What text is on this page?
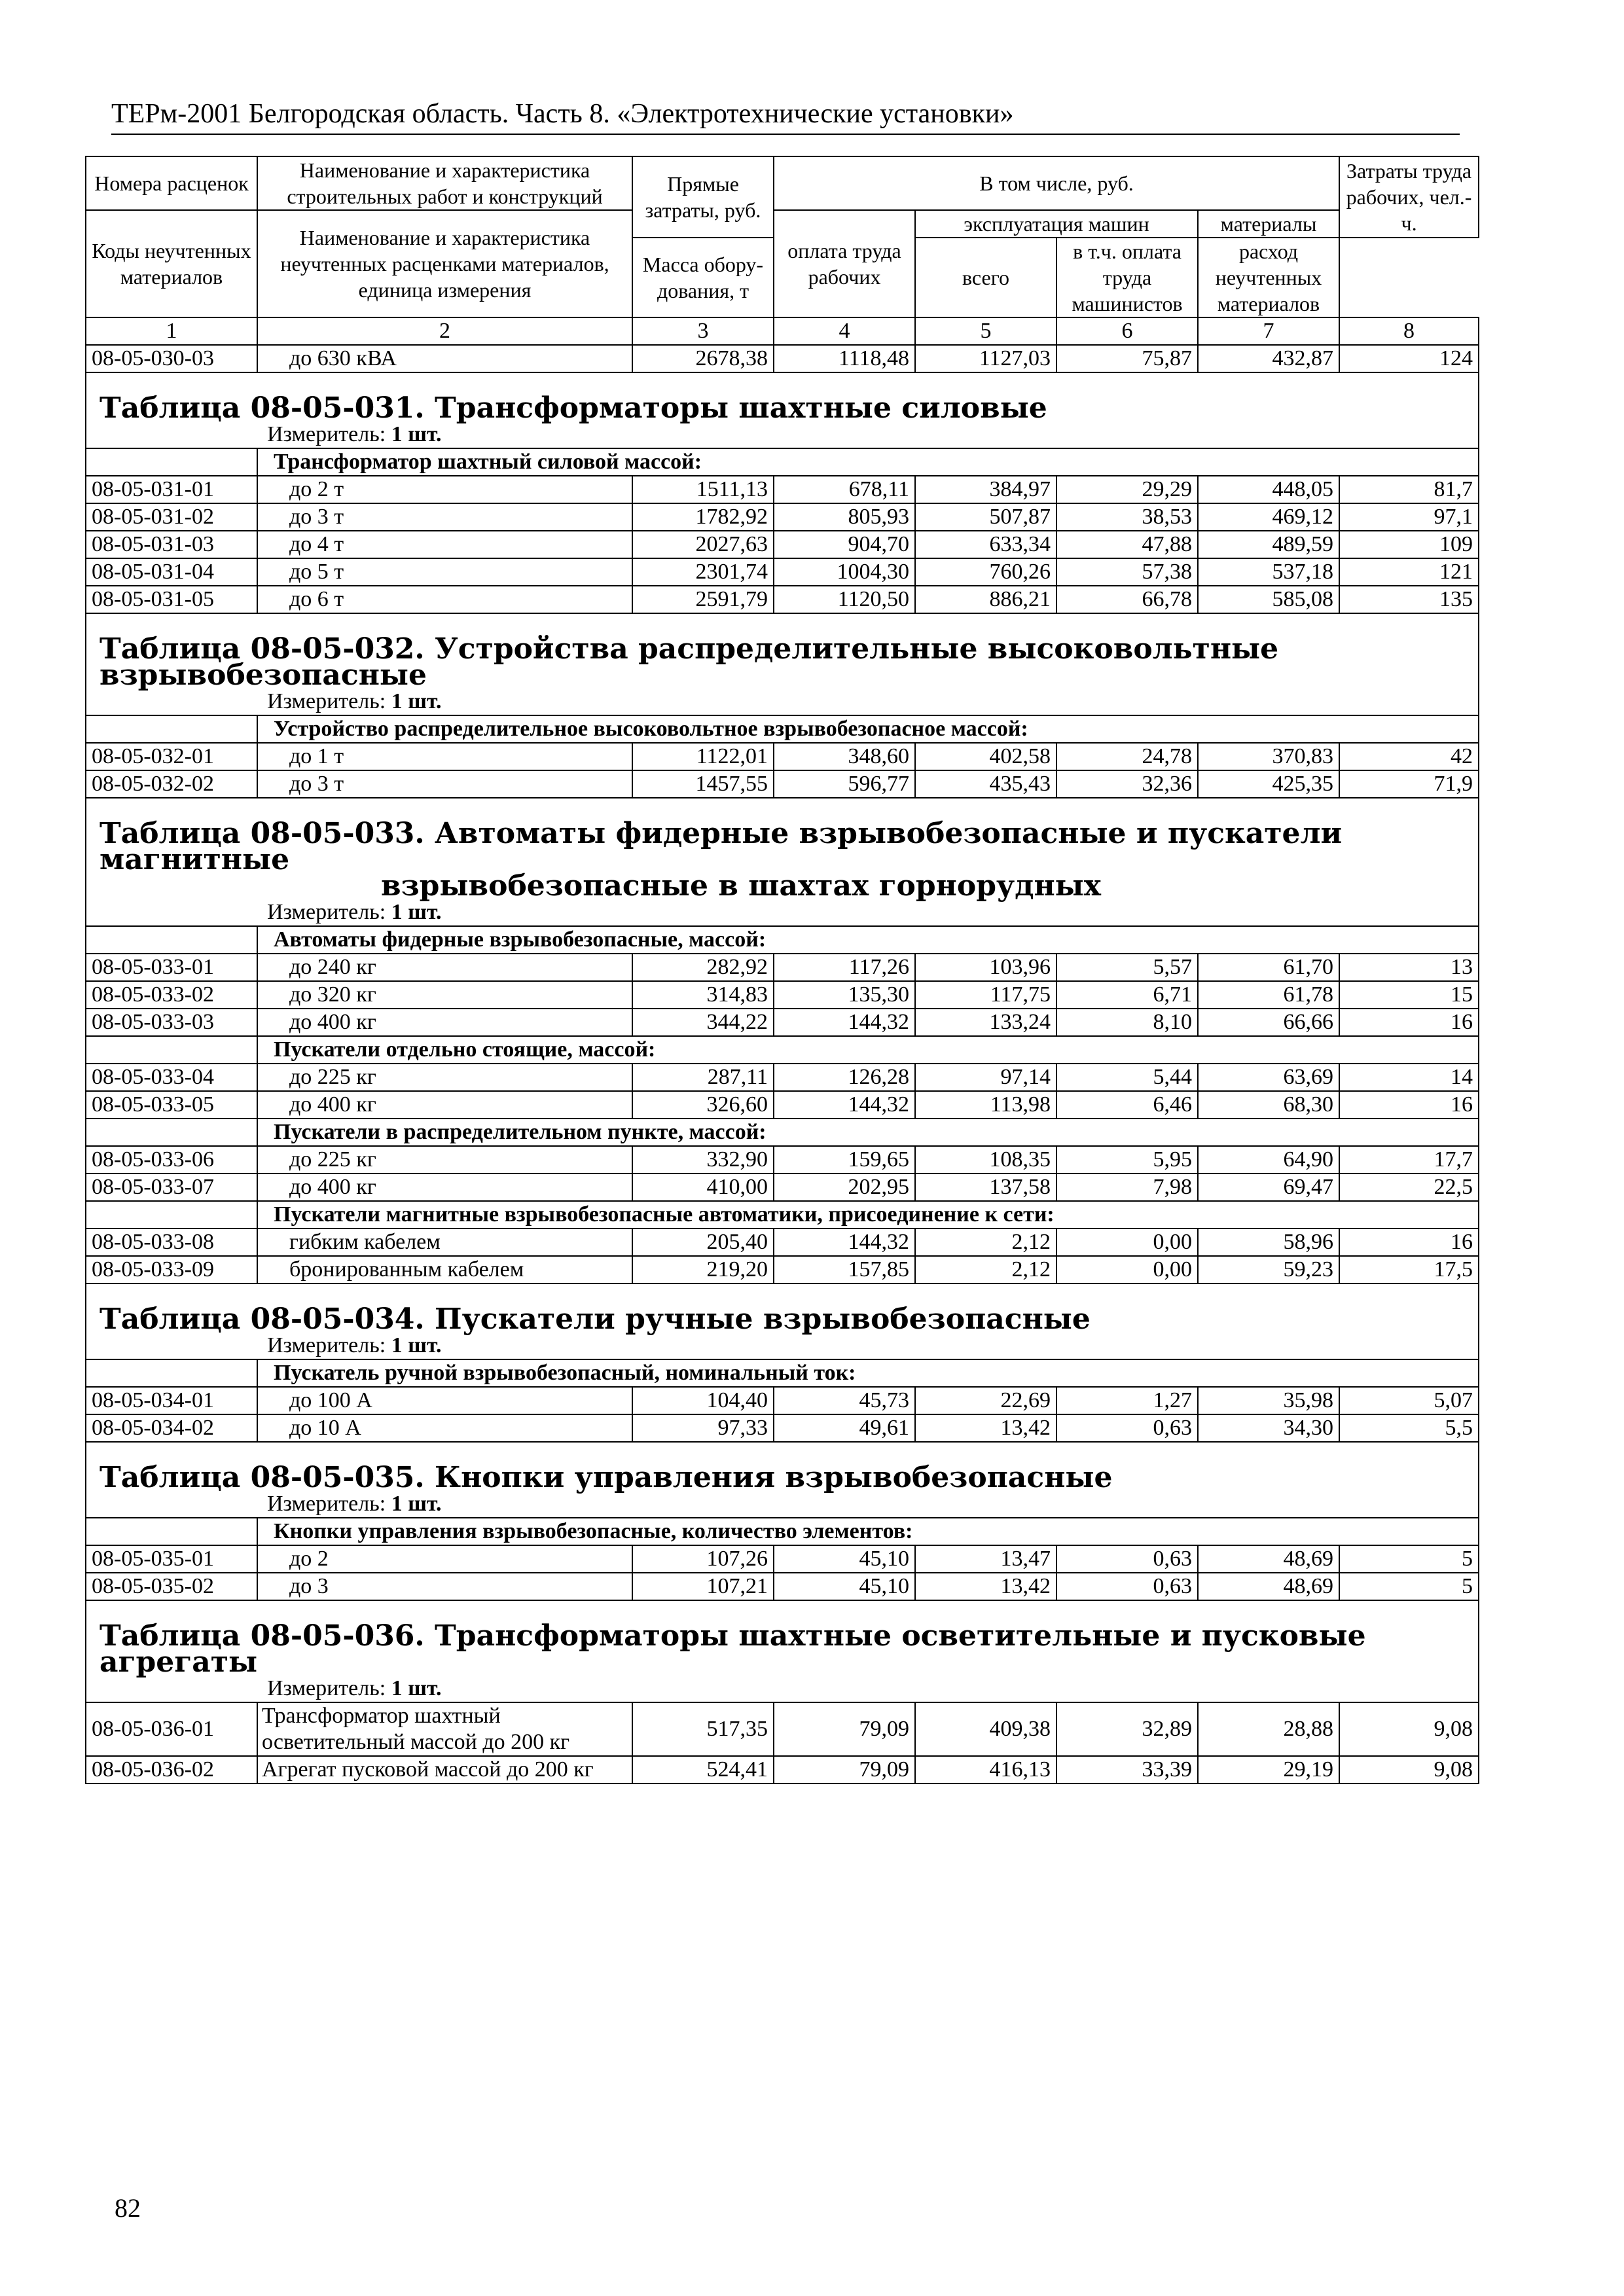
ТЕРм-2001 Белгородская область. Часть 8. «Электротехнические установки»
Номера расценок	Наименование и характеристика строительных работ и конструкций	Прямые затраты, руб.	В том числе, руб.				Затраты труда рабочих, чел.-ч.
Коды неучтенных материалов	Наименование и характеристика неучтенных расценками материалов, единица измерения		оплата труда рабочих	эксплуатация машин		материалы	
				всего	в т.ч. оплата труда машинистов	расход неучтенных материалов	
		Масса обору-дования, т					
1	2	3	4	5	6	7	8
08-05-030-03	до 630 кВА	2678,38	1118,48	1127,03	75,87	432,87	124
Таблица 08-05-031. Трансформаторы шахтные силовые							
Измеритель: 1 шт.							
	Трансформатор шахтный силовой массой:						
08-05-031-01	до 2 т	1511,13	678,11	384,97	29,29	448,05	81,7
08-05-031-02	до 3 т	1782,92	805,93	507,87	38,53	469,12	97,1
08-05-031-03	до 4 т	2027,63	904,70	633,34	47,88	489,59	109
08-05-031-04	до 5 т	2301,74	1004,30	760,26	57,38	537,18	121
08-05-031-05	до 6 т	2591,79	1120,50	886,21	66,78	585,08	135
Таблица 08-05-032. Устройства распределительные высоковольтные взрывобезопасные							
Измеритель: 1 шт.							
	Устройство распределительное высоковольтное взрывобезопасное массой:						
08-05-032-01	до 1 т	1122,01	348,60	402,58	24,78	370,83	42
08-05-032-02	до 3 т	1457,55	596,77	435,43	32,36	425,35	71,9
Таблица 08-05-033. Автоматы фидерные взрывобезопасные и пускатели магнитные
взрывобезопасные в шахтах горнорудных							

Измеритель: 1 шт.							
	Автоматы фидерные взрывобезопасные, массой:						
08-05-033-01	до 240 кг	282,92	117,26	103,96	5,57	61,70	13
08-05-033-02	до 320 кг	314,83	135,30	117,75	6,71	61,78	15
08-05-033-03	до 400 кг	344,22	144,32	133,24	8,10	66,66	16
	Пускатели отдельно стоящие, массой:						
08-05-033-04	до 225 кг	287,11	126,28	97,14	5,44	63,69	14
08-05-033-05	до 400 кг	326,60	144,32	113,98	6,46	68,30	16
	Пускатели в распределительном пункте, массой:						
08-05-033-06	до 225 кг	332,90	159,65	108,35	5,95	64,90	17,7
08-05-033-07	до 400 кг	410,00	202,95	137,58	7,98	69,47	22,5
	Пускатели магнитные взрывобезопасные автоматики, присоединение к сети:						
08-05-033-08	гибким кабелем	205,40	144,32	2,12	0,00	58,96	16
08-05-033-09	бронированным кабелем	219,20	157,85	2,12	0,00	59,23	17,5
Таблица 08-05-034. Пускатели ручные взрывобезопасные							
Измеритель: 1 шт.							
	Пускатель ручной взрывобезопасный, номинальный ток:						
08-05-034-01	до 100 А	104,40	45,73	22,69	1,27	35,98	5,07
08-05-034-02	до 10 А	97,33	49,61	13,42	0,63	34,30	5,5
Таблица 08-05-035. Кнопки управления взрывобезопасные							
Измеритель: 1 шт.							
	Кнопки управления взрывобезопасные, количество элементов:						
08-05-035-01	до 2	107,26	45,10	13,47	0,63	48,69	5
08-05-035-02	до 3	107,21	45,10	13,42	0,63	48,69	5
Таблица 08-05-036. Трансформаторы шахтные осветительные и пусковые агрегаты							
Измеритель: 1 шт.							
08-05-036-01	Трансформатор шахтный осветительный массой до 200 кг	517,35	79,09	409,38	32,89	28,88	9,08
08-05-036-02	Агрегат пусковой массой до 200 кг	524,41	79,09	416,13	33,39	29,19	9,08
82
